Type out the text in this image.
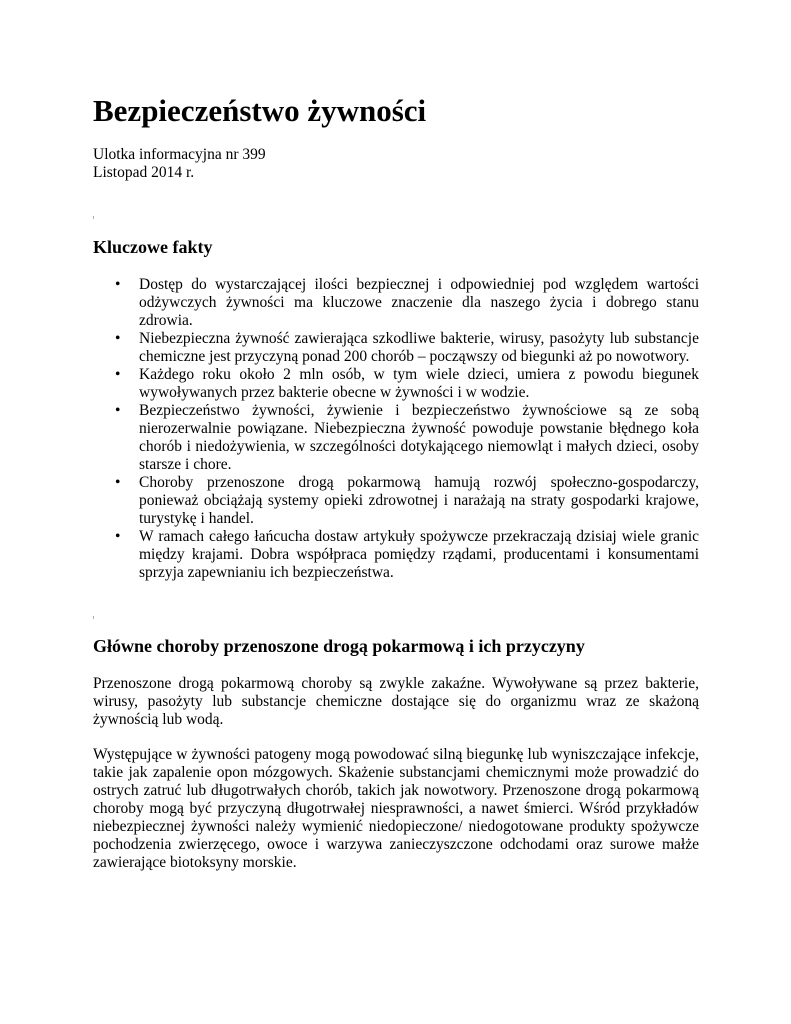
Bezpieczeństwo żywności
Ulotka informacyjna nr 399
Listopad 2014 r.
Kluczowe fakty
• Dostęp do wystarczającej ilości bezpiecznej i odpowiedniej pod względem wartości odżywczych żywności ma kluczowe znaczenie dla naszego życia i dobrego stanu zdrowia.
• Niebezpieczna żywność zawierająca szkodliwe bakterie, wirusy, pasożyty lub substancje chemiczne jest przyczyną ponad 200 chorób – począwszy od biegunki aż po nowotwory.
• Każdego roku około 2 mln osób, w tym wiele dzieci, umiera z powodu biegunek wywoływanych przez bakterie obecne w żywności i w wodzie.
• Bezpieczeństwo żywności, żywienie i bezpieczeństwo żywnościowe są ze sobą nierozerwalnie powiązane. Niebezpieczna żywność powoduje powstanie błędnego koła chorób i niedożywienia, w szczególności dotykającego niemowląt i małych dzieci, osoby starsze i chore.
• Choroby przenoszone drogą pokarmową hamują rozwój społeczno-gospodarczy, ponieważ obciążają systemy opieki zdrowotnej i narażają na straty gospodarki krajowe, turystykę i handel.
• W ramach całego łańcucha dostaw artykuły spożywcze przekraczają dzisiaj wiele granic między krajami. Dobra współpraca pomiędzy rządami, producentami i konsumentami sprzyja zapewnianiu ich bezpieczeństwa.
Główne choroby przenoszone drogą pokarmową i ich przyczyny

Przenoszone drogą pokarmową choroby są zwykle zakaźne. Wywoływane są przez bakterie, wirusy, pasożyty lub substancje chemiczne dostające się do organizmu wraz ze skażoną żywnością lub wodą.

Występujące w żywności patogeny mogą powodować silną biegunkę lub wyniszczające infekcje, takie jak zapalenie opon mózgowych. Skażenie substancjami chemicznymi może prowadzić do ostrych zatruć lub długotrwałych chorób, takich jak nowotwory. Przenoszone drogą pokarmową choroby mogą być przyczyną długotrwałej niesprawności, a nawet śmierci. Wśród przykładów niebezpiecznej żywności należy wymienić niedopieczone/ niedogotowane produkty spożywcze pochodzenia zwierzęcego, owoce i warzywa zanieczyszczone odchodami oraz surowe małże zawierające biotoksyny morskie.
